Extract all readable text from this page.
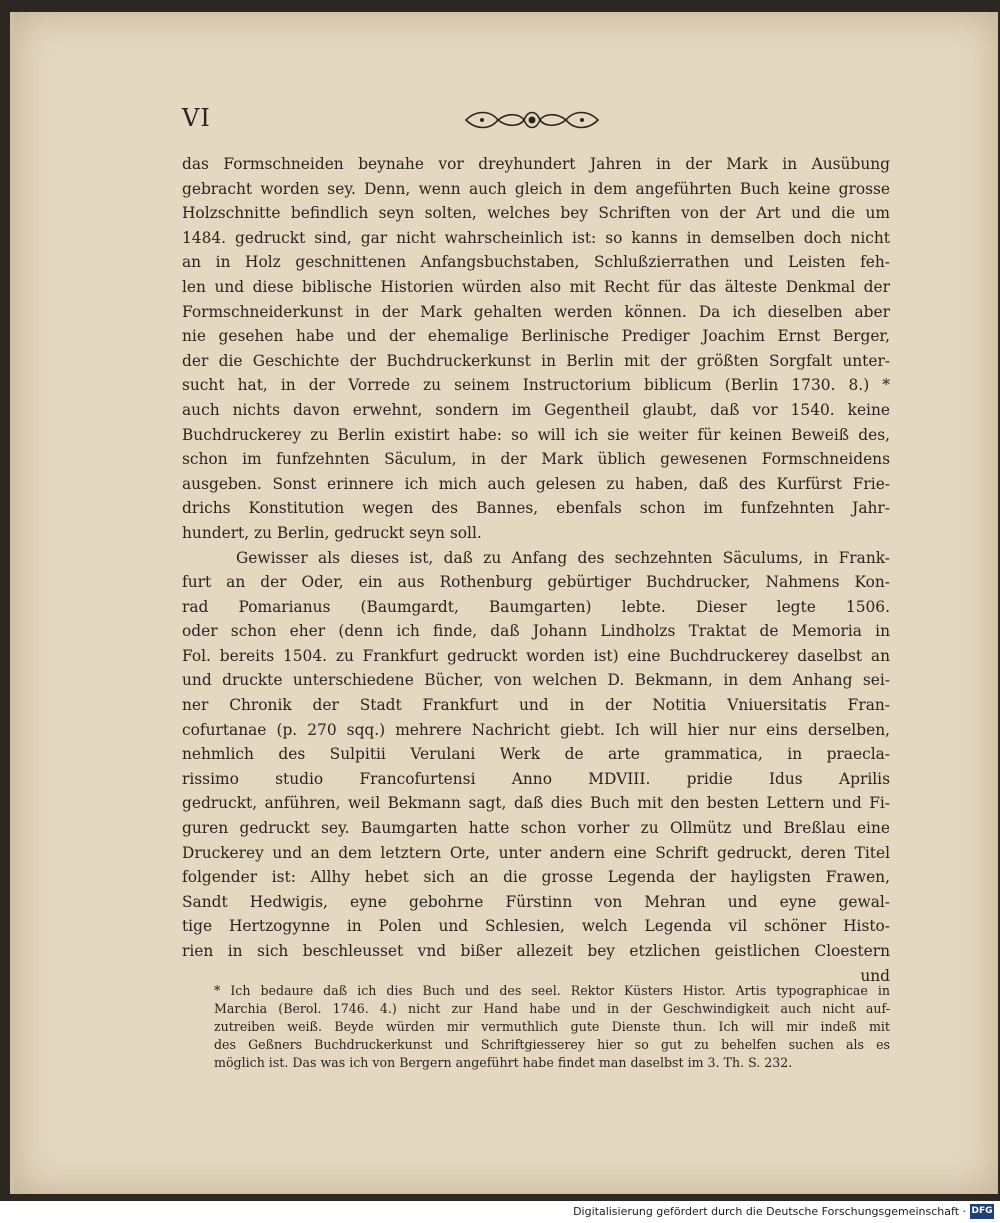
VI
das Formschneiden beynahe vor dreyhundert Jahren in der Mark in Ausübung
gebracht worden sey. Denn, wenn auch gleich in dem angeführten Buch keine grosse
Holzschnitte befindlich seyn solten, welches bey Schriften von der Art und die um
1484. gedruckt sind, gar nicht wahrscheinlich ist: so kanns in demselben doch nicht
an in Holz geschnittenen Anfangsbuchstaben, Schlußzierrathen und Leisten feh-
len und diese biblische Historien würden also mit Recht für das älteste Denkmal der
Formschneiderkunst in der Mark gehalten werden können. Da ich dieselben aber
nie gesehen habe und der ehemalige Berlinische Prediger Joachim Ernst Berger,
der die Geschichte der Buchdruckerkunst in Berlin mit der größten Sorgfalt unter-
sucht hat, in der Vorrede zu seinem Instructorium biblicum (Berlin 1730. 8.) *
auch nichts davon erwehnt, sondern im Gegentheil glaubt, daß vor 1540. keine
Buchdruckerey zu Berlin existirt habe: so will ich sie weiter für keinen Beweiß des,
schon im funfzehnten Säculum, in der Mark üblich gewesenen Formschneidens
ausgeben. Sonst erinnere ich mich auch gelesen zu haben, daß des Kurfürst Frie-
drichs Konstitution wegen des Bannes, ebenfals schon im funfzehnten Jahr-
hundert, zu Berlin, gedruckt seyn soll.
Gewisser als dieses ist, daß zu Anfang des sechzehnten Säculums, in Frank-
furt an der Oder, ein aus Rothenburg gebürtiger Buchdrucker, Nahmens Kon-
rad Pomarianus (Baumgardt, Baumgarten) lebte. Dieser legte 1506.
oder schon eher (denn ich finde, daß Johann Lindholzs Traktat de Memoria in
Fol. bereits 1504. zu Frankfurt gedruckt worden ist) eine Buchdruckerey daselbst an
und druckte unterschiedene Bücher, von welchen D. Bekmann, in dem Anhang sei-
ner Chronik der Stadt Frankfurt und in der Notitia Vniuersitatis Fran-
cofurtanae (p. 270 sqq.) mehrere Nachricht giebt. Ich will hier nur eins derselben,
nehmlich des Sulpitii Verulani Werk de arte grammatica, in praecla-
rissimo studio Francofurtensi Anno MDVIII. pridie Idus Aprilis
gedruckt, anführen, weil Bekmann sagt, daß dies Buch mit den besten Lettern und Fi-
guren gedruckt sey. Baumgarten hatte schon vorher zu Ollmütz und Breßlau eine
Druckerey und an dem letztern Orte, unter andern eine Schrift gedruckt, deren Titel
folgender ist: Allhy hebet sich an die grosse Legenda der hayligsten Frawen,
Sandt Hedwigis, eyne gebohrne Fürstinn von Mehran und eyne gewal-
tige Hertzogynne in Polen und Schlesien, welch Legenda vil schöner Histo-
rien in sich beschleusset vnd bißer allezeit bey etzlichen geistlichen Cloestern
und
* Ich bedaure daß ich dies Buch und des seel. Rektor Küsters Histor. Artis typographicae in
Marchia (Berol. 1746. 4.) nicht zur Hand habe und in der Geschwindigkeit auch nicht auf-
zutreiben weiß. Beyde würden mir vermuthlich gute Dienste thun. Ich will mir indeß mit
des Geßners Buchdruckerkunst und Schriftgiesserey hier so gut zu behelfen suchen als es
möglich ist. Das was ich von Bergern angeführt habe findet man daselbst im 3. Th. S. 232.
Digitalisierung gefördert durch die Deutsche Forschungsgemeinschaft · DFG
